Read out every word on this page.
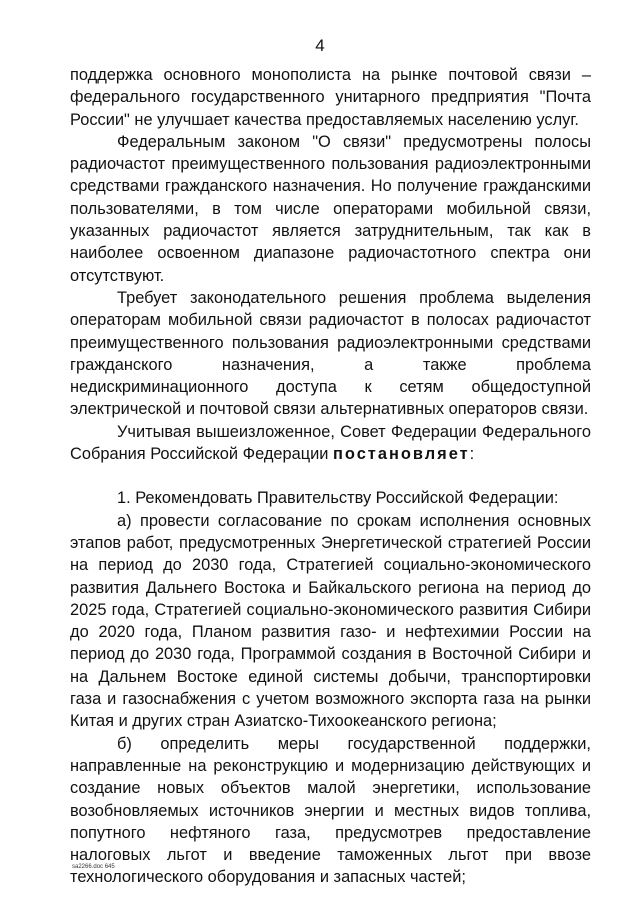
4

поддержка основного монополиста на рынке почтовой связи – федерального государственного унитарного предприятия "Почта России" не улучшает качества предоставляемых населению услуг.

Федеральным законом "О связи" предусмотрены полосы радиочастот преимущественного пользования радиоэлектронными средствами гражданского назначения. Но получение гражданскими пользователями, в том числе операторами мобильной связи, указанных радиочастот является затруднительным, так как в наиболее освоенном диапазоне радиочастотного спектра они отсутствуют.

Требует законодательного решения проблема выделения операторам мобильной связи радиочастот в полосах радиочастот преимущественного пользования радиоэлектронными средствами гражданского назначения, а также проблема недискриминационного доступа к сетям общедоступной электрической и почтовой связи альтернативных операторов связи.

Учитывая вышеизложенное, Совет Федерации Федерального Собрания Российской Федерации постановляет:

1. Рекомендовать Правительству Российской Федерации:

а) провести согласование по срокам исполнения основных этапов работ, предусмотренных Энергетической стратегией России на период до 2030 года, Стратегией социально-экономического развития Дальнего Востока и Байкальского региона на период до 2025 года, Стратегией социально-экономического развития Сибири до 2020 года, Планом развития газо- и нефтехимии России на период до 2030 года, Программой создания в Восточной Сибири и на Дальнем Востоке единой системы добычи, транспортировки газа и газоснабжения с учетом возможного экспорта газа на рынки Китая и других стран Азиатско-Тихоокеанского региона;

б) определить меры государственной поддержки, направленные на реконструкцию и модернизацию действующих и создание новых объектов малой энергетики, использование возобновляемых источников энергии и местных видов топлива, попутного нефтяного газа, предусмотрев предоставление налоговых льгот и введение таможенных льгот при ввозе технологического оборудования и запасных частей;

sa2266.doc 645
